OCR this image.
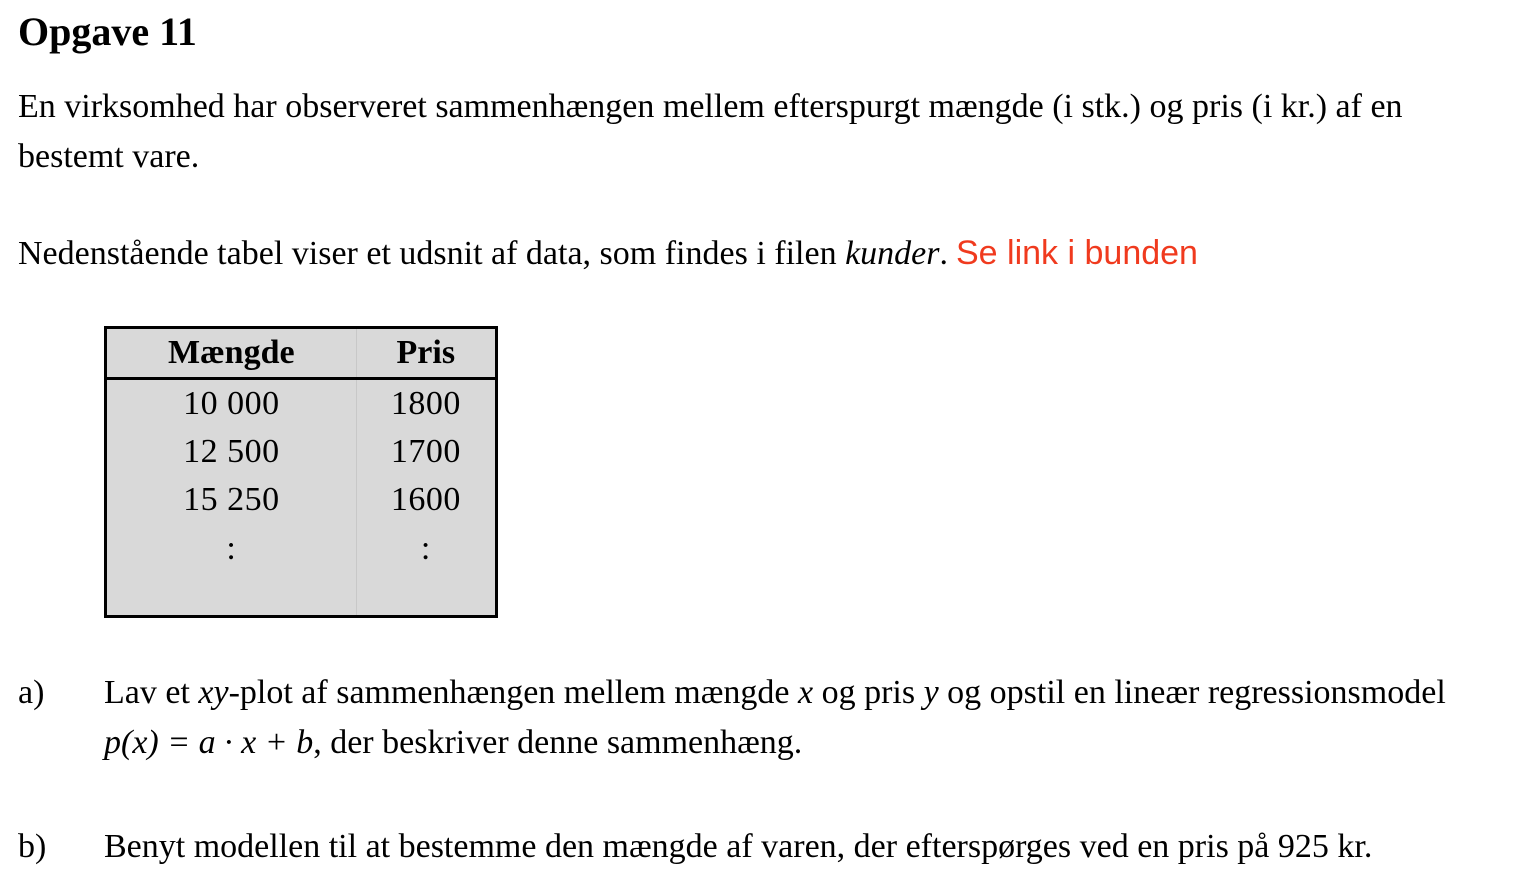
Opgave 11

En virksomhed har observeret sammenhængen mellem efterspurgt mængde (i stk.) og pris (i kr.) af en bestemt vare.

Nedenstående tabel viser et udsnit af data, som findes i filen kunder. Se link i bunden

Mængde	Pris
10 000	1800
12 500	1700
15 250	1600
:	:

a) Lav et xy-plot af sammenhængen mellem mængde x og pris y og opstil en lineær regressionsmodel p(x) = a · x + b, der beskriver denne sammenhæng.
b) Benyt modellen til at bestemme den mængde af varen, der efterspørges ved en pris på 925 kr.
